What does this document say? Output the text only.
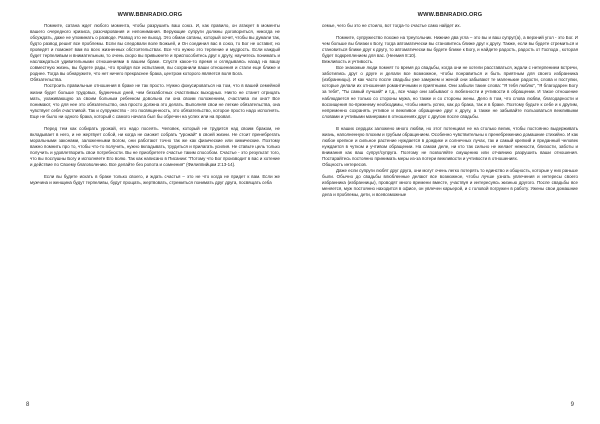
WWW.BBNRADIO.ORG

Помните, сатана ждет любого момента, чтобы разрушить ваш союз. И, как правило, он атакует в моменты вашего очередного кризиса, разочарования и непонимания. Верующие супруги должны договориться, никогда не обсуждать, даже не упоминать о разводе. Развод это не выход. Это обман сатаны, который хочет, чтобы вы думали так, будто развод решит все проблемы. Если вы следовали воле Божьей, и Он соединил вас в союз, то Бог не оставит, но проведёт и поможет вам во всех жизненных обстоятельствах. Все что нужно это терпение и мудрость. Если каждый будет терпеливым и внимательным, то очень скоро вы привыкнете и приспособитесь друг к другу, научитесь понимать и наслаждаться удивительными отношениями в вашем браке. Спустя какое-то время и оглядываясь назад на вашу совместную жизнь, вы будете рады, что пройдя все испытания, вы сохранили ваши отношения и стали еще ближе и роднее. Тогда вы обнаружите, что нет ничего прекраснее брака, центром которого является воля Бога.

Обязательства.

Построить правильные отношения в браке не так просто. Нужно фокусироваться на том, что в вашей семейной жизни будет больше трудовых, будничных дней, чем беззаботных счастливых выходных. Никто не станет отрицать мать, ухаживающую за своим больным ребенком довольна ли она своим положением, счастлива ли она? Все понимают, что для нее это обязательство, она просто должна это делать. Выполняя свои не легкие обязательства, она чувствует себя счастливой. Так и супружество - это посвященность, это обязательство, которое просто надо исполнять. Еще не было ни одного брака, который с самого начала был бы обречен на успех или на провал.

Перед тем как собирать урожай, его надо посеять. Человек, который не трудится над своим браком, не вкладывает в него, и не жертвует собой, ни когда не сможет собрать "урожай" в своей жизни. Не стоит пренебрегать моральными законами, заложенными Богом, они работают точно так же как физические или химические. Поэтому важно помнить про то, чтобы что-то получить, нужно вкладывать, трудиться и прилагать усилия. Не ставьте цель только получить и удовлетворить свои потребности. Вы не приобретете счастье таким способом. Счастье - это результат того, что вы послушны Богу и исполняете Его волю. Так как написано в Писании: "Потому что Бог производит в вас и хотение и действие по Своему благоволению. Все делайте без ропота и сомнения" (Филиппийцам 2:13-14).

Если вы будете искать в браке только своего, и ждать счастья – это не что когда не придет к вам. Если же мужчина и женщина будут терпеливы, будут прощать, жертвовать, стремиться понимать друг друга, посвящать себа

8
WWW.BBNRADIO.ORG

семье, чего бы это не стоило, вот тогда-то счастье само найдет их.

Помните, супружество похоже на треугольник. Нижние два угла – это вы и ваш супруг(а), а верхний угол - это Бог. И чем больше вы близки к Богу, тогда автоматически вы становитесь ближе друг к другу. Также, если вы будете стремиться и становиться ближе друг к другу, то автоматически вы будете ближе к Богу, и найдете радость, радость от Господа , которая будет подкреплением для вас. (Неемия 8:10).

Вежливость и учтивость.

Все знакомые люди помнят то время до свадьбы, когда они не хотели расставаться, ждали с нетерпением встречи, заботились друг о друге и делали все возможное, чтобы понравиться и быть приятным для своего избранника (избранницы). И как часто после свадьбы уже замужем и женой они забывают те маленькие радости, слова и поступки, которые делали их отношения романтичными и приятными. Они забыли такие слова: "Я тебя люблю", "Я благодарен Богу за тебя", "Ты самый лучший" и т.д., все чаще они забывают о любезности и учтивости в обращении. И такое отношение наблюдается не только со стороны мужа, но также и со стороны жены. Дело в том, что слова любви, благодарности и восхищения по-прежнему необходимы, чтобы иметь успех, как до брака, так и в браке. Поэтому будьте к себе и к другим, непременно сохранять учтивое и вежливое обращение друг к другу, а также не забывайте пользоваться вежливыми словами и учтивыми манерами в отношениях друг с другом после свадьбы.

В наших сердцах заложено много любви, но этот потенциал не на столько велик, чтобы постоянно выдерживать жизнь, наполненную плохим и грубым обращением. Особенно чувствительны к пренебрежению домашние стихийно. И как любое крепкое и сильное растение нуждается в дождике и солнечных лучах, так и самый крепкий и преданный человек нуждается в чутком и учтивом обращении. На самом деле, ни кто так сильно не желает нежности, близости, заботы и внимания как ваш супруг/супруга. Поэтому не позволяйте смущению или отчаянию разрушить ваши отношения. Постарайтесь постоянно принимать меры из-за потери вежливости и учтивости в отношениях.

Общность интересов.

Даже если супруги любят друг друга, они могут очень легко потерять то единство и общность, которые у них раньше были. Обычно до свадьбы влюбленные делают все возможное, чтобы лучше узнать увлечения и интересы своего избранника (избранницы), проводят много времени вместе, участвуя и интересуясь жизнью другого. После свадьбы все меняется, муж постоянно находится в офисе, он увлечен карьерой, и с головой погружен в работу. Ужены свои домашние дела и проблемы, дети, и всевозможные

9
